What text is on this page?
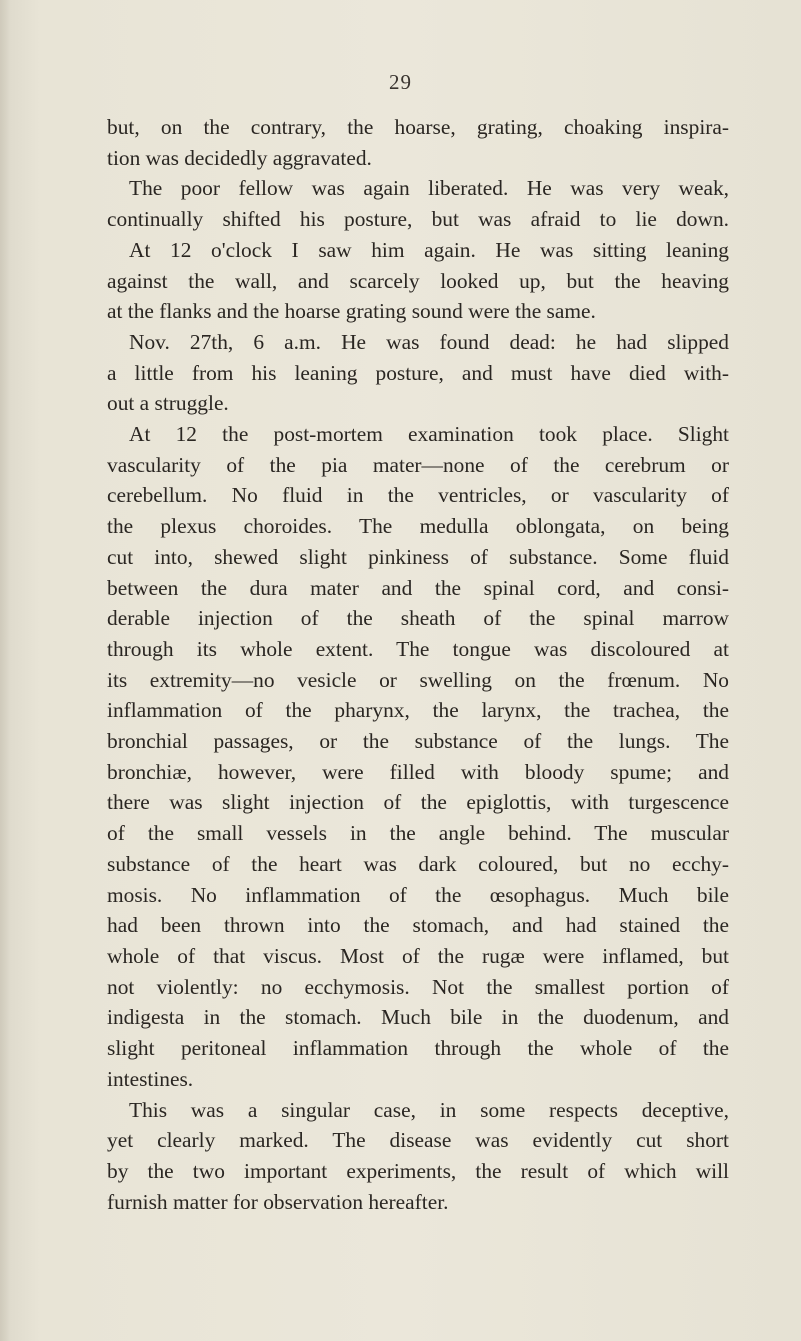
29
but, on the contrary, the hoarse, grating, choaking inspira-
tion was decidedly aggravated.
The poor fellow was again liberated. He was very weak,
continually shifted his posture, but was afraid to lie down.
At 12 o'clock I saw him again. He was sitting leaning
against the wall, and scarcely looked up, but the heaving
at the flanks and the hoarse grating sound were the same.
Nov. 27th, 6 a.m. He was found dead: he had slipped
a little from his leaning posture, and must have died with-
out a struggle.
At 12 the post-mortem examination took place. Slight
vascularity of the pia mater—none of the cerebrum or
cerebellum. No fluid in the ventricles, or vascularity of
the plexus choroides. The medulla oblongata, on being
cut into, shewed slight pinkiness of substance. Some fluid
between the dura mater and the spinal cord, and consi-
derable injection of the sheath of the spinal marrow
through its whole extent. The tongue was discoloured at
its extremity—no vesicle or swelling on the frœnum. No
inflammation of the pharynx, the larynx, the trachea, the
bronchial passages, or the substance of the lungs. The
bronchiæ, however, were filled with bloody spume; and
there was slight injection of the epiglottis, with turgescence
of the small vessels in the angle behind. The muscular
substance of the heart was dark coloured, but no ecchy-
mosis. No inflammation of the œsophagus. Much bile
had been thrown into the stomach, and had stained the
whole of that viscus. Most of the rugæ were inflamed, but
not violently: no ecchymosis. Not the smallest portion of
indigesta in the stomach. Much bile in the duodenum, and
slight peritoneal inflammation through the whole of the
intestines.
This was a singular case, in some respects deceptive,
yet clearly marked. The disease was evidently cut short
by the two important experiments, the result of which will
furnish matter for observation hereafter.
